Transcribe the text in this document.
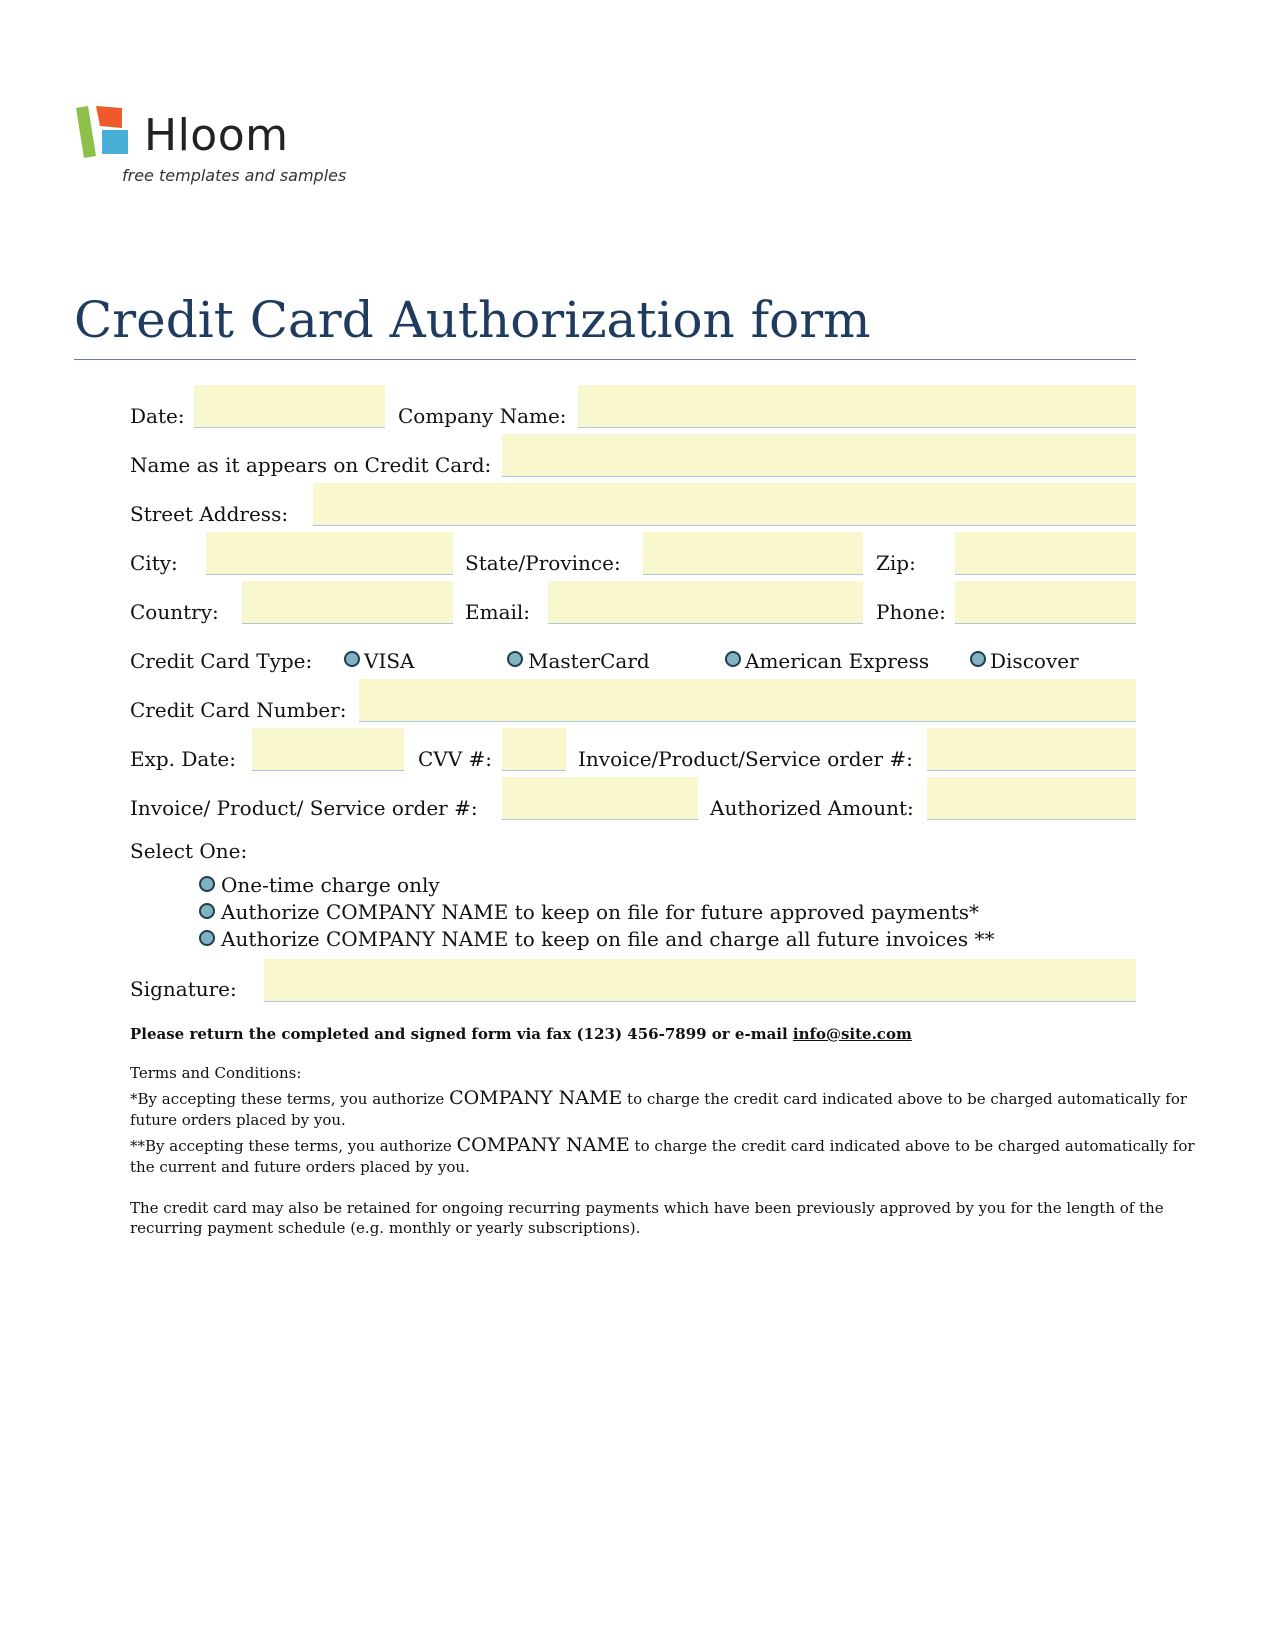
Hloom
free templates and samples
Credit Card Authorization form
Date:	Company Name:
Name as it appears on Credit Card:
Street Address:
City:	State/Province:	Zip:
Country:	Email:	Phone:
Credit Card Type:	VISA	MasterCard	American Express	Discover
Credit Card Number:
Exp. Date:	CVV #:	Invoice/Product/Service order #:
Invoice/ Product/ Service order #:	Authorized Amount:
Select One:
One-time charge only
Authorize COMPANY NAME to keep on file for future approved payments*
Authorize COMPANY NAME to keep on file and charge all future invoices **
Signature:
Please return the completed and signed form via fax (123) 456-7899 or e-mail info@site.com
Terms and Conditions:
*By accepting these terms, you authorize COMPANY NAME to charge the credit card indicated above to be charged automatically for
future orders placed by you.
**By accepting these terms, you authorize COMPANY NAME to charge the credit card indicated above to be charged automatically for
the current and future orders placed by you.
The credit card may also be retained for ongoing recurring payments which have been previously approved by you for the length of the
recurring payment schedule (e.g. monthly or yearly subscriptions).
